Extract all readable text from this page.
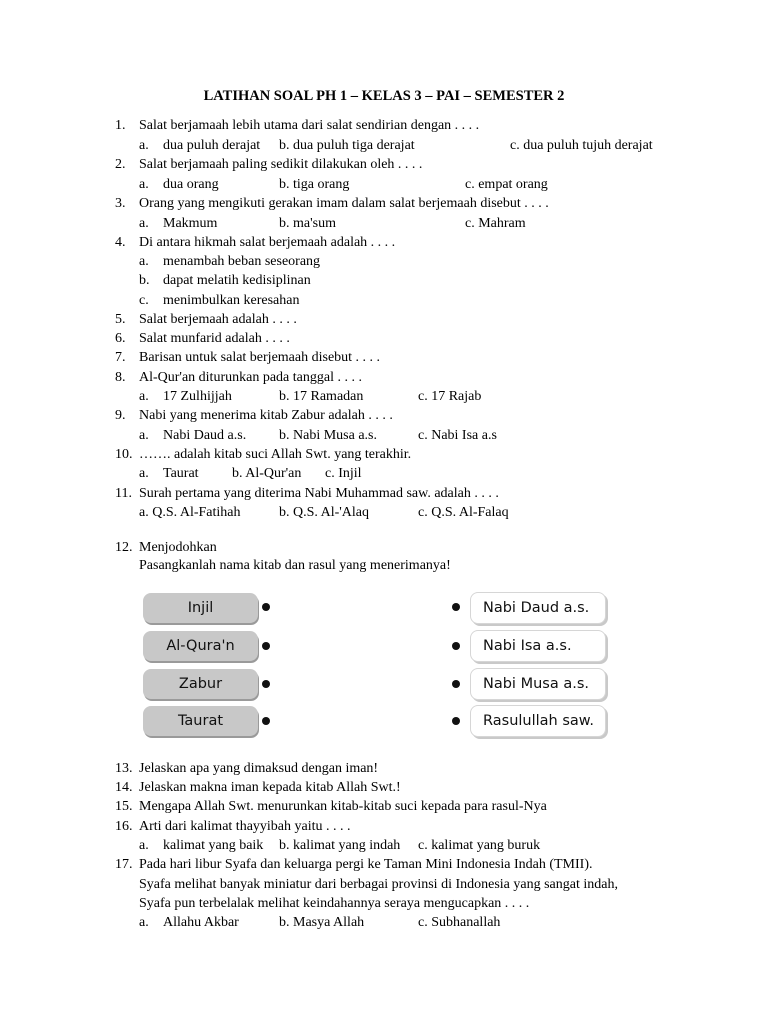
LATIHAN SOAL PH 1 – KELAS 3 – PAI – SEMESTER 2
1. Salat berjamaah lebih utama dari salat sendirian dengan . . . .
a. dua puluh derajat b. dua puluh tiga derajat	c. dua puluh tujuh derajat
2. Salat berjamaah paling sedikit dilakukan oleh . . . .
a. dua orang	b. tiga orang	c. empat orang
3. Orang yang mengikuti gerakan imam dalam salat berjemaah disebut . . . .
a. Makmum	b. ma'sum	c. Mahram
4. Di antara hikmah salat berjemaah adalah . . . .
a. menambah beban seseorang
b. dapat melatih kedisiplinan
c. menimbulkan keresahan
5. Salat berjemaah adalah . . . .
6. Salat munfarid adalah . . . .
7. Barisan untuk salat berjemaah disebut . . . .
8. Al-Qur'an diturunkan pada tanggal . . . .
a. 17 Zulhijjah	b. 17 Ramadan	c. 17 Rajab
9. Nabi yang menerima kitab Zabur adalah . . . .
a. Nabi Daud a.s. b. Nabi Musa a.s.	c. Nabi Isa a.s
10. ……. adalah kitab suci Allah Swt. yang terakhir.
a. Taurat b. Al-Qur'an c. Injil
11. Surah pertama yang diterima Nabi Muhammad saw. adalah . . . .
a. Q.S. Al-Fatihah	b. Q.S. Al-'Alaq	c. Q.S. Al-Falaq
12. Menjodohkan
Pasangkanlah nama kitab dan rasul yang menerimanya!
Injil
Al-Qura'n
Zabur
Taurat
Nabi Daud a.s.
Nabi Isa a.s.
Nabi Musa a.s.
Rasulullah saw.
13. Jelaskan apa yang dimaksud dengan iman!
14. Jelaskan makna iman kepada kitab Allah Swt.!
15. Mengapa Allah Swt. menurunkan kitab-kitab suci kepada para rasul-Nya
16. Arti dari kalimat thayyibah yaitu . . . .
a. kalimat yang baik b. kalimat yang indah c. kalimat yang buruk
17. Pada hari libur Syafa dan keluarga pergi ke Taman Mini Indonesia Indah (TMII).
Syafa melihat banyak miniatur dari berbagai provinsi di Indonesia yang sangat indah,
Syafa pun terbelalak melihat keindahannya seraya mengucapkan . . . .
a. Allahu Akbar	b. Masya Allah	c. Subhanallah
